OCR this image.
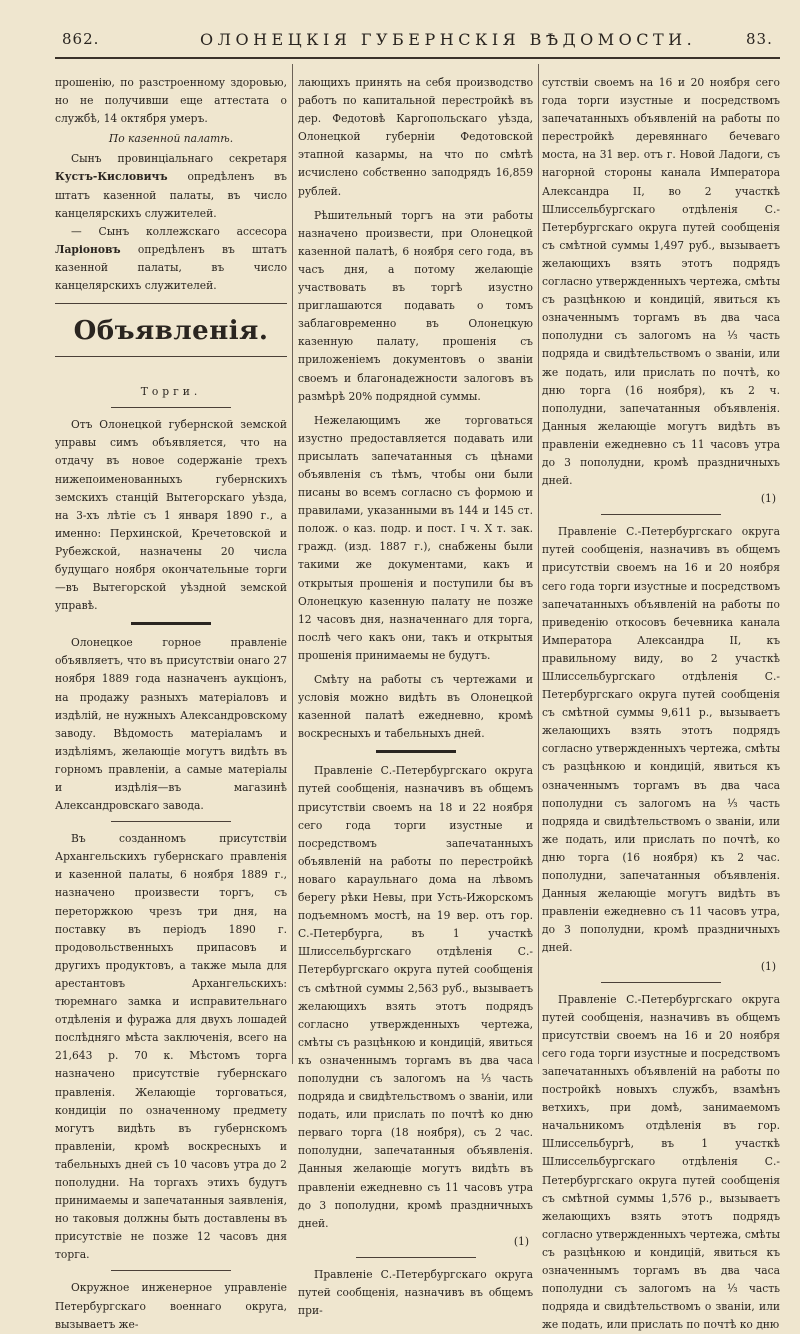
862.	ОЛОНЕЦКІЯ ГУБЕРНСКІЯ ВѢДОМОСТИ.	83.

прошенію, по разстроенному здоровью, но не получивши еще аттестата о службѣ, 14 октября умеръ.

По казенной палатѣ.

Сынъ провинціальнаго секретаря Кустъ-Кисловичъ опредѣленъ въ штатъ казенной палаты, въ число канцелярскихъ служителей.

— Сынъ коллежскаго ассесора Ларіоновъ опредѣленъ въ штатъ казенной палаты, въ число канцелярскихъ служителей.

Объявленія.

Торги.

Отъ Олонецкой губернской земской управы симъ объявляется, что на отдачу въ новое содержаніе трехъ нижепоименованныхъ губернскихъ земскихъ станцій Вытегорскаго уѣзда, на 3-хъ лѣтіе съ 1 января 1890 г., а именно: Перхинской, Кречетовской и Рубежской, назначены 20 числа будущаго ноября окончательные торги—въ Вытегорской уѣздной земской управѣ.

Олонецкое горное правленіе объявляетъ, что въ присутствіи онаго 27 ноября 1889 года назначенъ аукціонъ, на продажу разныхъ матеріаловъ и издѣлій, не нужныхъ Александровскому заводу. Вѣдомость матеріаламъ и издѣліямъ, желающіе могутъ видѣть въ горномъ правленіи, а самые матеріалы и издѣлія—въ магазинѣ Александровскаго завода.

Въ созданномъ присутствіи Архангельскихъ губернскаго правленія и казенной палаты, 6 ноября 1889 г., назначено произвести торгъ, съ переторжкою чрезъ три дня, на поставку въ періодъ 1890 г. продовольственныхъ припасовъ и другихъ продуктовъ, а также мыла для арестантовъ Архангельскихъ: тюремнаго замка и исправительнаго отдѣленія и фуража для двухъ лошадей послѣдняго мѣста заключенія, всего на 21,643 р. 70 к. Мѣстомъ торга назначено присутствіе губернскаго правленія. Желающіе торговаться, кондиціи по означенному предмету могутъ видѣть въ губернскомъ правленіи, кромѣ воскресныхъ и табельныхъ дней съ 10 часовъ утра до 2 пополудни. На торгахъ этихъ будутъ принимаемы и запечатанныя заявленія, но таковыя должны быть доставлены въ присутствіе не позже 12 часовъ дня торга.

Окружное инженерное управленіе Петербургскаго военнаго округа, вызываетъ же-

лающихъ принять на себя производство работъ по капитальной перестройкѣ въ дер. Федотовѣ Каргопольскаго уѣзда, Олонецкой губерніи Федотовской этапной казармы, на что по смѣтѣ исчислено собственно заподрядъ 16,859 рублей.

Рѣшительный торгъ на эти работы назначено произвести, при Олонецкой казенной палатѣ, 6 ноября сего года, въ часъ дня, а потому желающіе участвовать въ торгѣ изустно приглашаются подавать о томъ заблаговременно въ Олонецкую казенную палату, прошенія съ приложеніемъ документовъ о званіи своемъ и благонадежности залоговъ въ размѣрѣ 20% подрядной суммы.

Нежелающимъ же торговаться изустно предоставляется подавать или присылать запечатанныя съ цѣнами объявленія съ тѣмъ, чтобы они были писаны во всемъ согласно съ формою и правилами, указанными въ 144 и 145 ст. полож. о каз. подр. и пост. I ч. X т. зак. гражд. (изд. 1887 г.), снабжены были такими же документами, какъ и открытыя прошенія и поступили бы въ Олонецкую казенную палату не позже 12 часовъ дня, назначеннаго для торга, послѣ чего какъ они, такъ и открытыя прошенія принимаемы не будутъ.

Смѣту на работы съ чертежами и условія можно видѣть въ Олонецкой казенной палатѣ ежедневно, кромѣ воскресныхъ и табельныхъ дней.

Правленіе С.-Петербургскаго округа путей сообщенія, назначивъ въ общемъ присутствіи своемъ на 18 и 22 ноября сего года торги изустные и посредствомъ запечатанныхъ объявленій на работы по перестройкѣ новаго караульнаго дома на лѣвомъ берегу рѣки Невы, при Усть-Ижорскомъ подъемномъ мостѣ, на 19 вер. отъ гор. С.-Петербурга, въ 1 участкѣ Шлиссельбургскаго отдѣленія С.-Петербургскаго округа путей сообщенія съ смѣтной суммы 2,563 руб., вызываетъ желающихъ взять этотъ подрядъ согласно утвержденныхъ чертежа, смѣты съ разцѣнкою и кондицій, явиться къ означеннымъ торгамъ въ два часа пополудни съ залогомъ на ⅓ часть подряда и свидѣтельствомъ о званіи, или подать, или прислать по почтѣ ко дню перваго торга (18 ноября), съ 2 час. пополудни, запечатанныя объявленія. Данныя желающіе могутъ видѣть въ правленіи ежедневно съ 11 часовъ утра до 3 пополудни, кромѣ праздничныхъ дней.

(1)

Правленіе С.-Петербургскаго округа путей сообщенія, назначивъ въ общемъ при-

сутствіи своемъ на 16 и 20 ноября сего года торги изустные и посредствомъ запечатанныхъ объявленій на работы по перестройкѣ деревяннаго бечеваго моста, на 31 вер. отъ г. Новой Ладоги, съ нагорной стороны канала Императора Александра II, во 2 участкѣ Шлиссельбургскаго отдѣленія С.-Петербургскаго округа путей сообщенія съ смѣтной суммы 1,497 руб., вызываетъ желающихъ взять этотъ подрядъ согласно утвержденныхъ чертежа, смѣты съ разцѣнкою и кондицій, явиться къ означеннымъ торгамъ въ два часа пополудни съ залогомъ на ⅓ часть подряда и свидѣтельствомъ о званіи, или же подать, или прислать по почтѣ, ко дню торга (16 ноября), къ 2 ч. пополудни, запечатанныя объявленія. Данныя желающіе могутъ видѣть въ правленіи ежедневно съ 11 часовъ утра до 3 пополудни, кромѣ праздничныхъ дней.

(1)

Правленіе С.-Петербургскаго округа путей сообщенія, назначивъ въ общемъ присутствіи своемъ на 16 и 20 ноября сего года торги изустные и посредствомъ запечатанныхъ объявленій на работы по приведенію откосовъ бечевника канала Императора Александра II, къ правильному виду, во 2 участкѣ Шлиссельбургскаго отдѣленія С.-Петербургскаго округа путей сообщенія съ смѣтной суммы 9,611 р., вызываетъ желающихъ взять этотъ подрядъ согласно утвержденныхъ чертежа, смѣты съ разцѣнкою и кондицій, явиться къ означеннымъ торгамъ въ два часа пополудни съ залогомъ на ⅓ часть подряда и свидѣтельствомъ о званіи, или же подать, или прислать по почтѣ, ко дню торга (16 ноября) къ 2 час. пополудни, запечатанныя объявленія. Данныя желающіе могутъ видѣть въ правленіи ежедневно съ 11 часовъ утра, до 3 пополудни, кромѣ праздничныхъ дней.

(1)

Правленіе С.-Петербургскаго округа путей сообщенія, назначивъ въ общемъ присутствіи своемъ на 16 и 20 ноября сего года торги изустные и посредствомъ запечатанныхъ объявленій на работы по постройкѣ новыхъ службъ, взамѣнъ ветхихъ, при домѣ, занимаемомъ начальникомъ отдѣленія въ гор. Шлиссельбургѣ, въ 1 участкѣ Шлиссельбургскаго отдѣленія С.-Петербургскаго округа путей сообщенія съ смѣтной суммы 1,576 р., вызываетъ желающихъ взять этотъ подрядъ согласно утвержденныхъ чертежа, смѣты съ разцѣнкою и кондицій, явиться къ означеннымъ торгамъ въ два часа пополудни съ залогомъ на ⅓ часть подряда и свидѣтельствомъ о званіи, или же подать, или прислать по почтѣ ко дню
